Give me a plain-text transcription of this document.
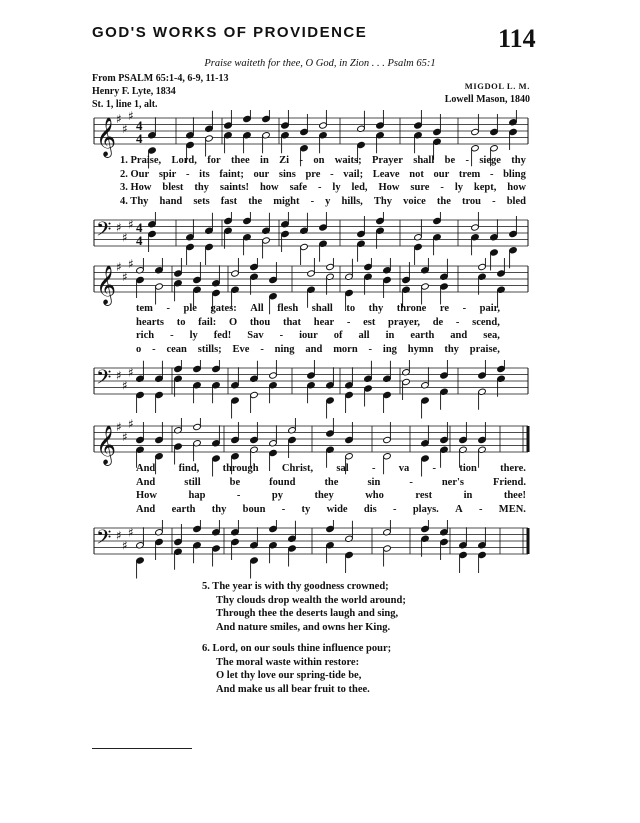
GOD'S WORKS OF PROVIDENCE	114
Praise waiteth for thee, O God, in Zion . . . Psalm 65:1
From PSALM 65:1-4, 6-9, 11-13
Henry F. Lyte, 1834
St. 1, line 1, alt.
MIGDOL L. M.
Lowell Mason, 1840
𝄞 ♯
♯
♯
4
4
1. Praise, Lord, for thee in Zi - on waits; Prayer shall be - siege thy
2. Our spir - its faint; our sins pre - vail; Leave not our trem - bling
3. How blest thy saints! how safe - ly led, How sure - ly kept, how
4. Thy hand sets fast the might - y hills, Thy voice the trou - bled
𝄢 ♯
♯
♯ 4
4
𝄞 ♯
♯
♯
tem - ple gates: All flesh shall to thy throne re - pair,
hearts to fail: O thou that hear - est prayer, de - scend,
rich - ly fed! Sav - iour of all in earth and sea,
o - cean stills; Eve - ning and morn - ing hymn thy praise,
𝄢 ♯
♯
♯
𝄞 ♯
♯
♯
And find, through Christ, sal - va - tion there.
And	still	be	found	the	sin	-	ner's	Friend.
How	hap	-	py	they	who	rest	in	thee!
And earth thy boun - ty wide dis - plays. A - MEN.
𝄢 ♯
♯
♯
5. The year is with thy goodness crowned;
Thy clouds drop wealth the world around;
Through thee the deserts laugh and sing,
And nature smiles, and owns her King.
6. Lord, on our souls thine influence pour;
The moral waste within restore:
O let thy love our spring-tide be,
And make us all bear fruit to thee.
